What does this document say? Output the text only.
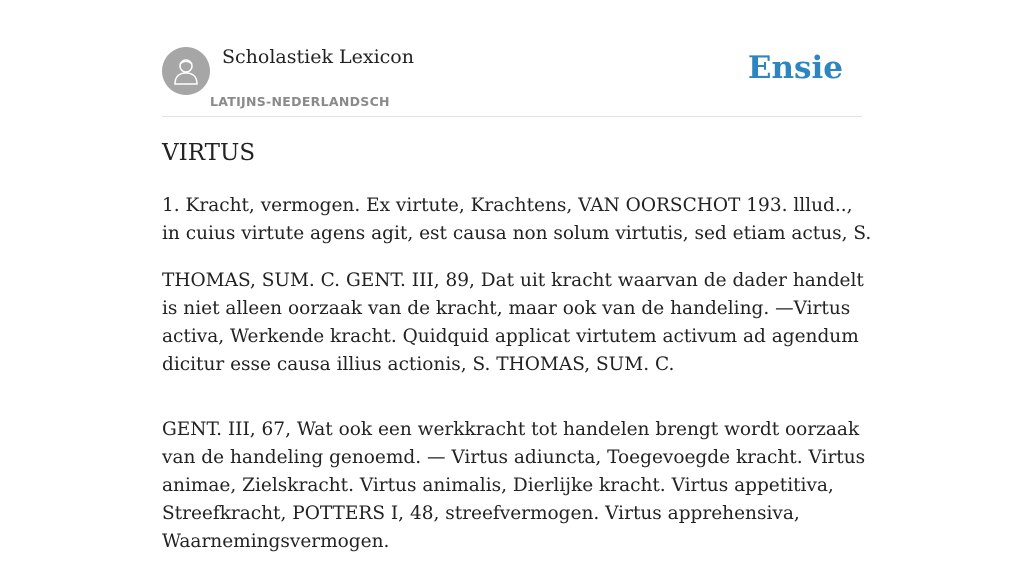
Scholastiek Lexicon
LATIJNS-NEDERLANDSCH
Ensie
VIRTUS

1. Kracht, vermogen. Ex virtute, Krachtens, VAN OORSCHOT 193. lllud.., in cuius virtute agens agit, est causa non solum virtutis, sed etiam actus, S.

THOMAS, SUM. C. GENT. III, 89, Dat uit kracht waarvan de dader handelt is niet alleen oorzaak van de kracht, maar ook van de handeling. —Virtus activa, Werkende kracht. Quidquid applicat virtutem activum ad agendum dicitur esse causa illius actionis, S. THOMAS, SUM. C.

GENT. III, 67, Wat ook een werkkracht tot handelen brengt wordt oorzaak van de handeling genoemd. — Virtus adiuncta, Toegevoegde kracht. Virtus animae, Zielskracht. Virtus animalis, Dierlijke kracht. Virtus appetitiva, Streefkracht, POTTERS I, 48, streefvermogen. Virtus apprehensiva, Waarnemingsvermogen.
